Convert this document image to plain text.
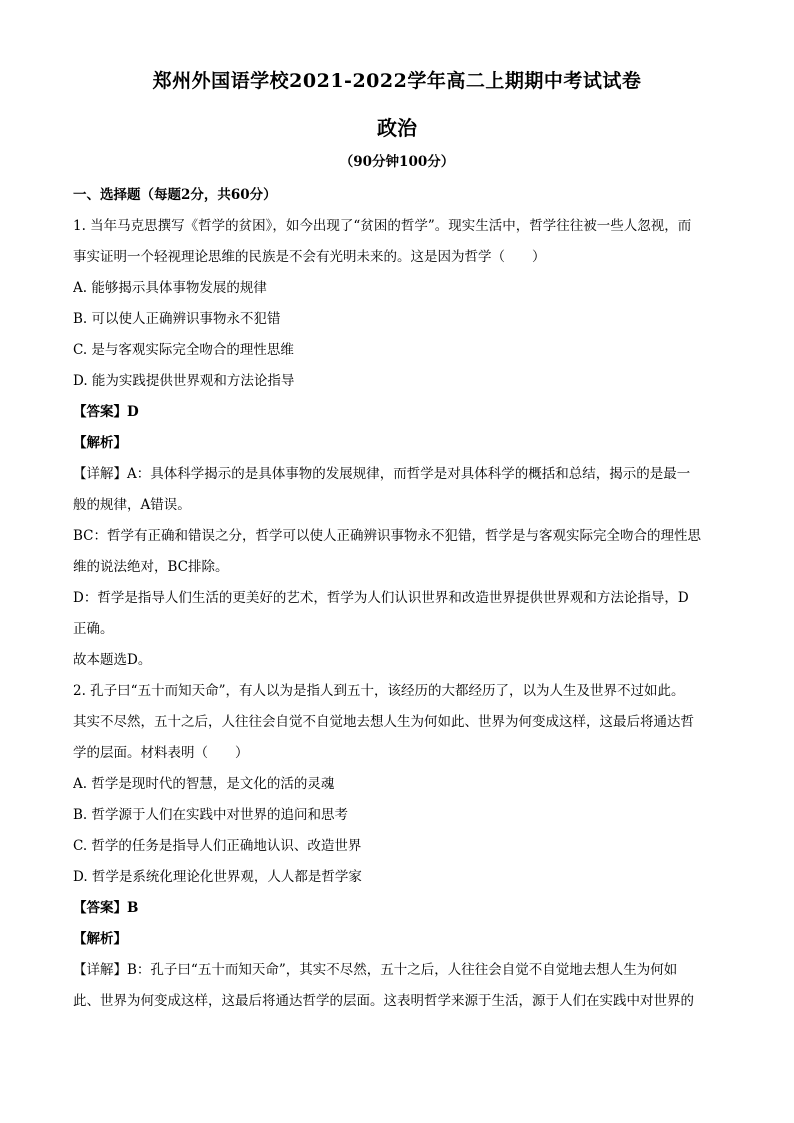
郑州外国语学校2021-2022学年高二上期期中考试试卷
政治
（90分钟100分）
一、选择题（每题2分，共60分）
1. 当年马克思撰写《哲学的贫困》，如今出现了“贫困的哲学”。现实生活中，哲学往往被一些人忽视，而
事实证明一个轻视理论思维的民族是不会有光明未来的。这是因为哲学（　　）
A. 能够揭示具体事物发展的规律
B. 可以使人正确辨识事物永不犯错
C. 是与客观实际完全吻合的理性思维
D. 能为实践提供世界观和方法论指导
【答案】D
【解析】
【详解】A：具体科学揭示的是具体事物的发展规律，而哲学是对具体科学的概括和总结，揭示的是最一
般的规律，A错误。
BC：哲学有正确和错误之分，哲学可以使人正确辨识事物永不犯错，哲学是与客观实际完全吻合的理性思
维的说法绝对，BC排除。
D：哲学是指导人们生活的更美好的艺术，哲学为人们认识世界和改造世界提供世界观和方法论指导，D
正确。
故本题选D。
2. 孔子曰“五十而知天命”，有人以为是指人到五十，该经历的大都经历了，以为人生及世界不过如此。
其实不尽然，五十之后，人往往会自觉不自觉地去想人生为何如此、世界为何变成这样，这最后将通达哲
学的层面。材料表明（　　）
A. 哲学是现时代的智慧，是文化的活的灵魂
B. 哲学源于人们在实践中对世界的追问和思考
C. 哲学的任务是指导人们正确地认识、改造世界
D. 哲学是系统化理论化世界观，人人都是哲学家
【答案】B
【解析】
【详解】B：孔子曰“五十而知天命”，其实不尽然，五十之后，人往往会自觉不自觉地去想人生为何如
此、世界为何变成这样，这最后将通达哲学的层面。这表明哲学来源于生活，源于人们在实践中对世界的
